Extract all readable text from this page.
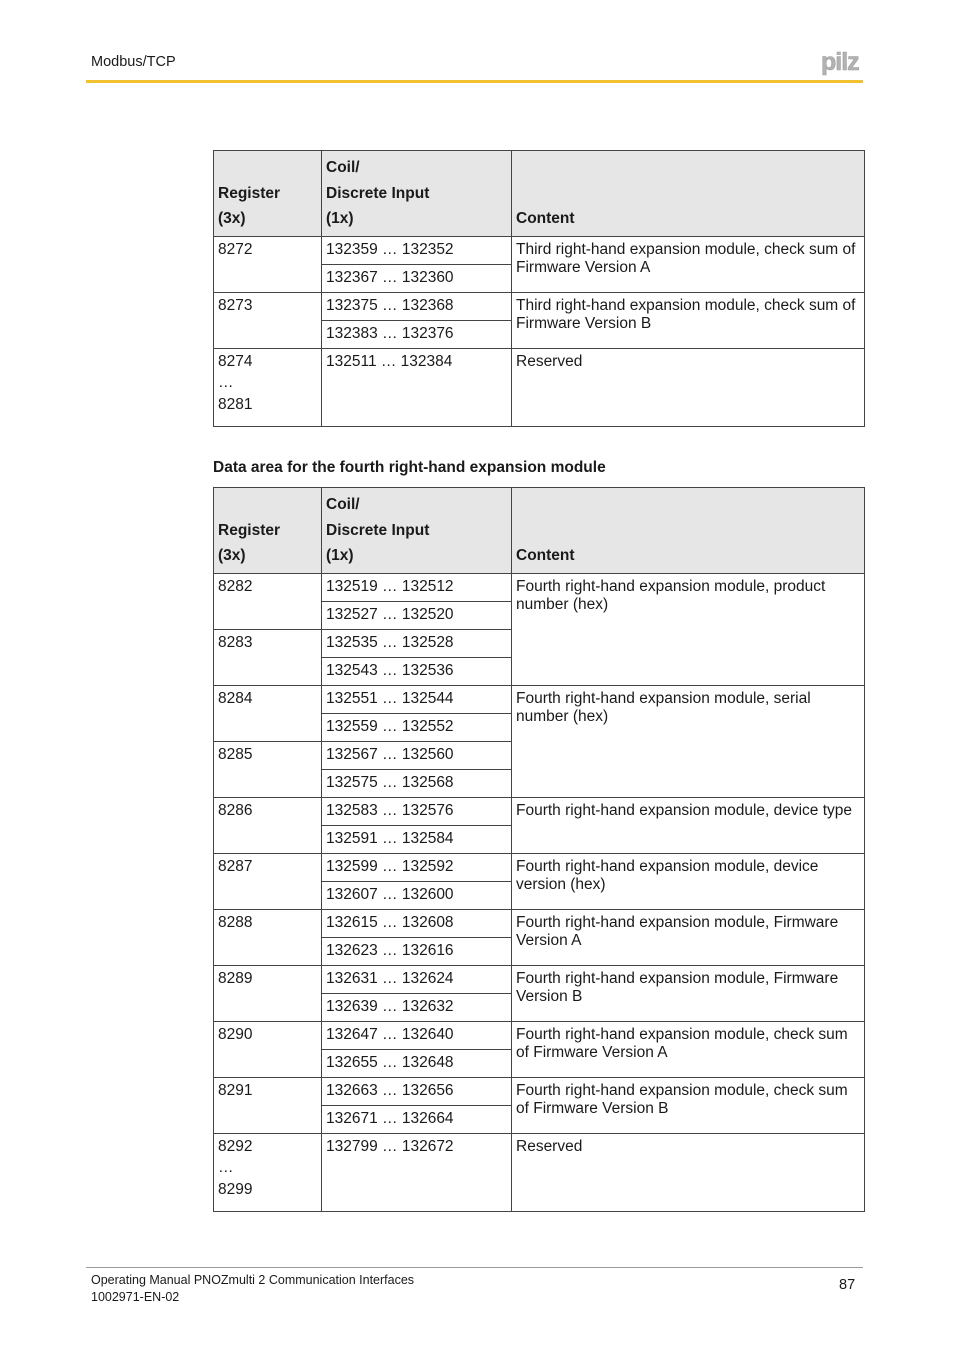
Modbus/TCP	pilz
Register
(3x)	Coil/
Discrete Input
(1x)	Content

8272	132359 … 132352	Third right-hand expansion module, check sum of Firmware Version A
	132367 … 132360	
8273	132375 … 132368	Third right-hand expansion module, check sum of Firmware Version B
	132383 … 132376	

8274
…
8281	132511 … 132384	Reserved
Data area for the fourth right-hand expansion module
Register
(3x)	Coil/
Discrete Input
(1x)	Content

8282	132519 … 132512	Fourth right-hand expansion module, product number (hex)
	132527 … 132520	
8283	132535 … 132528	
	132543 … 132536	
8284	132551 … 132544	Fourth right-hand expansion module, serial number (hex)
	132559 … 132552	
8285	132567 … 132560	
	132575 … 132568	
8286	132583 … 132576	Fourth right-hand expansion module, device type
	132591 … 132584	
8287	132599 … 132592	Fourth right-hand expansion module, device version (hex)
	132607 … 132600	
8288	132615 … 132608	Fourth right-hand expansion module, Firmware Version A
	132623 … 132616	
8289	132631 … 132624	Fourth right-hand expansion module, Firmware Version B
	132639 … 132632	
8290	132647 … 132640	Fourth right-hand expansion module, check sum of Firmware Version A
	132655 … 132648	
8291	132663 … 132656	Fourth right-hand expansion module, check sum of Firmware Version B
	132671 … 132664	

8292
…
8299	132799 … 132672	Reserved
Operating Manual PNOZmulti 2 Communication Interfaces
1002971-EN-02
87
